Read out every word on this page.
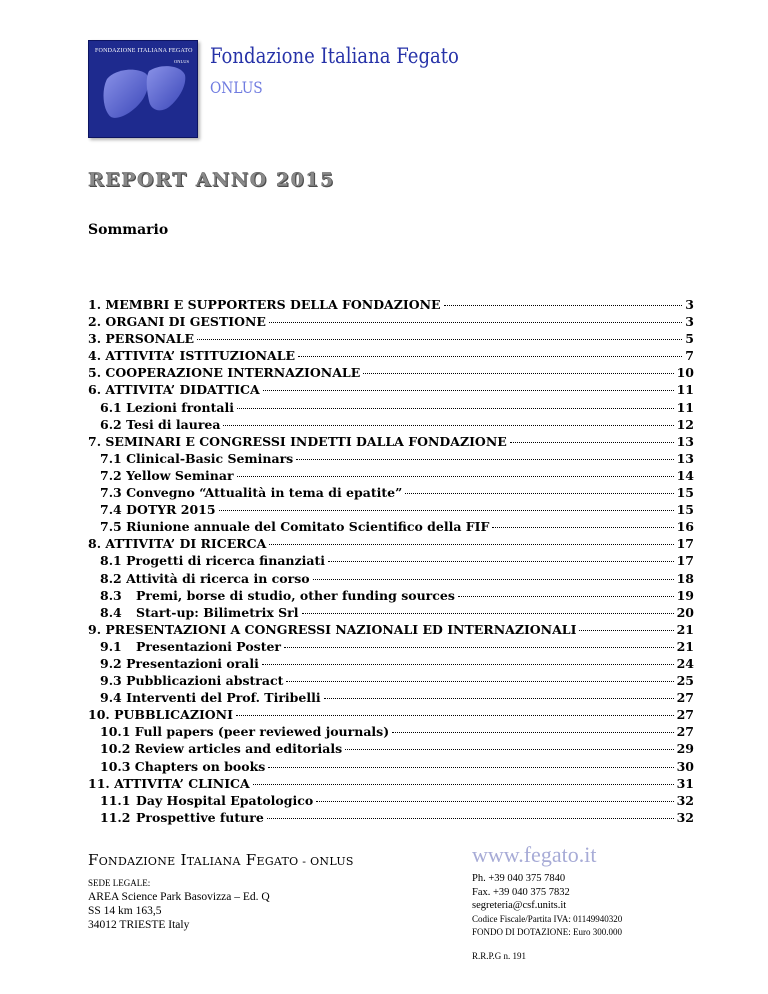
FONDAZIONE ITALIANA FEGATO
ONLUS Fondazione Italiana Fegato
ONLUS
REPORT ANNO 2015
Sommario
1. MEMBRI E SUPPORTERS DELLA FONDAZIONE	3
2. ORGANI DI GESTIONE	3
3. PERSONALE	5
4. ATTIVITA’ ISTITUZIONALE	7
5. COOPERAZIONE INTERNAZIONALE	10
6. ATTIVITA’ DIDATTICA	11
6.1 Lezioni frontali	11
6.2 Tesi di laurea	12
7. SEMINARI E CONGRESSI INDETTI DALLA FONDAZIONE	13
7.1 Clinical-Basic Seminars	13
7.2 Yellow Seminar	14
7.3 Convegno “Attualità in tema di epatite”	15
7.4 DOTYR 2015	15
7.5 Riunione annuale del Comitato Scientifico della FIF	16
8. ATTIVITA’ DI RICERCA	17
8.1 Progetti di ricerca finanziati	17
8.2 Attività di ricerca in corso	18
8.3	Premi, borse di studio, other funding sources	19
8.4	Start-up: Bilimetrix Srl	20
9. PRESENTAZIONI A CONGRESSI NAZIONALI ED INTERNAZIONALI	21
9.1	Presentazioni Poster	21
9.2 Presentazioni orali	24
9.3 Pubblicazioni abstract	25
9.4 Interventi del Prof. Tiribelli	27
10. PUBBLICAZIONI	27
10.1 Full papers (peer reviewed journals)	27
10.2 Review articles and editorials	29
10.3 Chapters on books	30
11. ATTIVITA’ CLINICA	31
11.1 Day Hospital Epatologico	32
11.2 Prospettive future	32
Fondazione Italiana Fegato - ONLUS	www.fegato.it
SEDE LEGALE:
AREA Science Park Basovizza – Ed. Q
SS 14 km 163,5
34012 TRIESTE Italy
Ph. +39 040 375 7840
Fax. +39 040 375 7832
segreteria@csf.units.it
Codice Fiscale/Partita IVA: 01149940320
FONDO DI DOTAZIONE: Euro 300.000
R.R.P.G n. 191
